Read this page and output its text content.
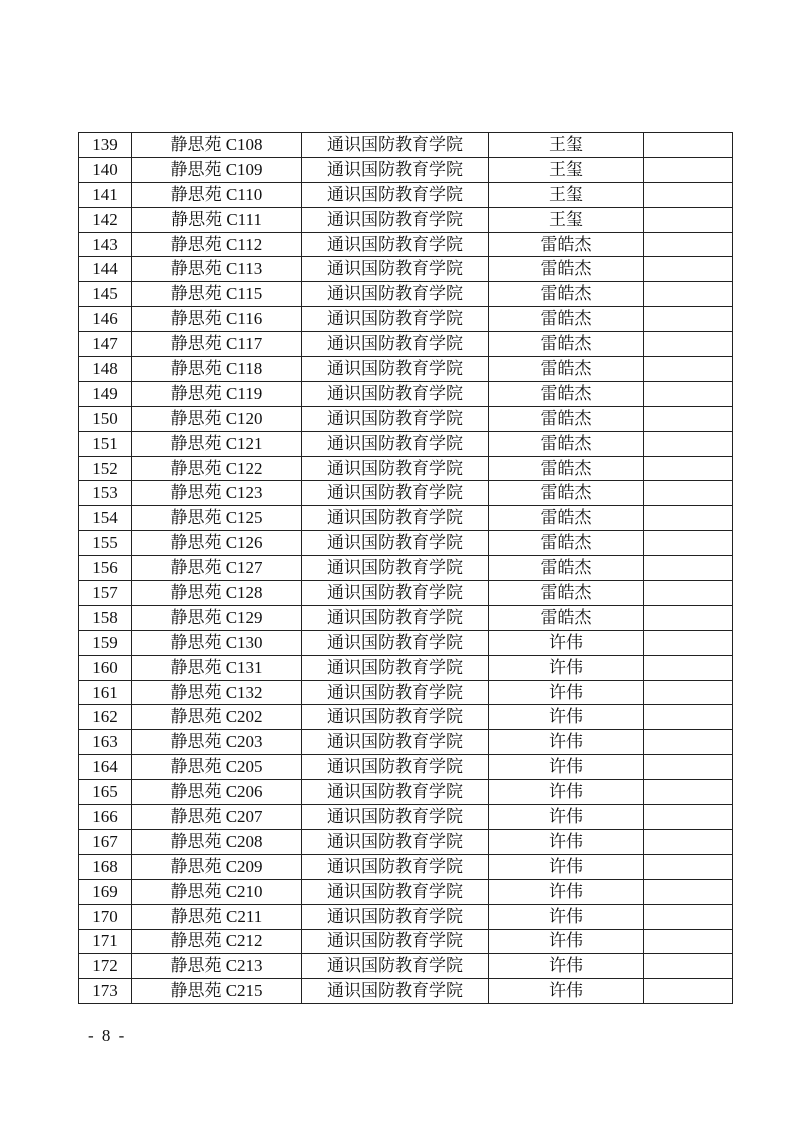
139	静思苑 C108	通识国防教育学院	王玺	
140	静思苑 C109	通识国防教育学院	王玺	
141	静思苑 C110	通识国防教育学院	王玺	
142	静思苑 C111	通识国防教育学院	王玺	
143	静思苑 C112	通识国防教育学院	雷皓杰	
144	静思苑 C113	通识国防教育学院	雷皓杰	
145	静思苑 C115	通识国防教育学院	雷皓杰	
146	静思苑 C116	通识国防教育学院	雷皓杰	
147	静思苑 C117	通识国防教育学院	雷皓杰	
148	静思苑 C118	通识国防教育学院	雷皓杰	
149	静思苑 C119	通识国防教育学院	雷皓杰	
150	静思苑 C120	通识国防教育学院	雷皓杰	
151	静思苑 C121	通识国防教育学院	雷皓杰	
152	静思苑 C122	通识国防教育学院	雷皓杰	
153	静思苑 C123	通识国防教育学院	雷皓杰	
154	静思苑 C125	通识国防教育学院	雷皓杰	
155	静思苑 C126	通识国防教育学院	雷皓杰	
156	静思苑 C127	通识国防教育学院	雷皓杰	
157	静思苑 C128	通识国防教育学院	雷皓杰	
158	静思苑 C129	通识国防教育学院	雷皓杰	
159	静思苑 C130	通识国防教育学院	许伟	
160	静思苑 C131	通识国防教育学院	许伟	
161	静思苑 C132	通识国防教育学院	许伟	
162	静思苑 C202	通识国防教育学院	许伟	
163	静思苑 C203	通识国防教育学院	许伟	
164	静思苑 C205	通识国防教育学院	许伟	
165	静思苑 C206	通识国防教育学院	许伟	
166	静思苑 C207	通识国防教育学院	许伟	
167	静思苑 C208	通识国防教育学院	许伟	
168	静思苑 C209	通识国防教育学院	许伟	
169	静思苑 C210	通识国防教育学院	许伟	
170	静思苑 C211	通识国防教育学院	许伟	
171	静思苑 C212	通识国防教育学院	许伟	
172	静思苑 C213	通识国防教育学院	许伟	
173	静思苑 C215	通识国防教育学院	许伟	
- 8 -
